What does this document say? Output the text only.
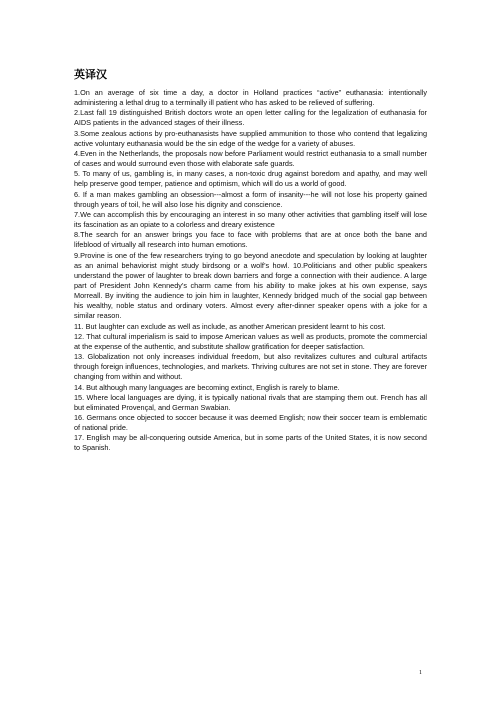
英译汉

1.On an average of six time a day, a doctor in Holland practices “active” euthanasia: intentionally administering a lethal drug to a terminally ill patient who has asked to be relieved of suffering.

2.Last fall 19 distinguished British doctors wrote an open letter calling for the legalization of euthanasia for AIDS patients in the advanced stages of their illness.

3.Some zealous actions by pro-euthanasists have supplied ammunition to those who contend that legalizing active voluntary euthanasia would be the sin edge of the wedge for a variety of abuses.

4.Even in the Netherlands, the proposals now before Parliament would restrict euthanasia to a small number of cases and would surround even those with elaborate safe guards.

5. To many of us, gambling is, in many cases, a non-toxic drug against boredom and apathy, and may well help preserve good temper, patience and optimism, which will do us a world of good.

6. If a man makes gambling an obsession---almost a form of insanity---he will not lose his property gained through years of toil, he will also lose his dignity and conscience.

7.We can accomplish this by encouraging an interest in so many other activities that gambling itself will lose its fascination as an opiate to a colorless and dreary existence

8.The search for an answer brings you face to face with problems that are at once both the bane and lifeblood of virtually all research into human emotions.

9.Provine is one of the few researchers trying to go beyond anecdote and speculation by looking at laughter as an animal behaviorist might study birdsong or a wolf’s howl. 10.Politicians and other public speakers understand the power of laughter to break down barriers and forge a connection with their audience. A large part of President John Kennedy’s charm came from his ability to make jokes at his own expense, says Morreall. By inviting the audience to join him in laughter, Kennedy bridged much of the social gap between his wealthy, noble status and ordinary voters. Almost every after-dinner speaker opens with a joke for a similar reason.

11. But laughter can exclude as well as include, as another American president learnt to his cost.

12. That cultural imperialism is said to impose American values as well as products, promote the commercial at the expense of the authentic, and substitute shallow gratification for deeper satisfaction.

13. Globalization not only increases individual freedom, but also revitalizes cultures and cultural artifacts through foreign influences, technologies, and markets. Thriving cultures are not set in stone. They are forever changing from within and without.

14. But although many languages are becoming extinct, English is rarely to blame.

15. Where local languages are dying, it is typically national rivals that are stamping them out. French has all but eliminated Provençal, and German Swabian.

16. Germans once objected to soccer because it was deemed English; now their soccer team is emblematic of national pride.

17. English may be all-conquering outside America, but in some parts of the United States, it is now second to Spanish.

1
